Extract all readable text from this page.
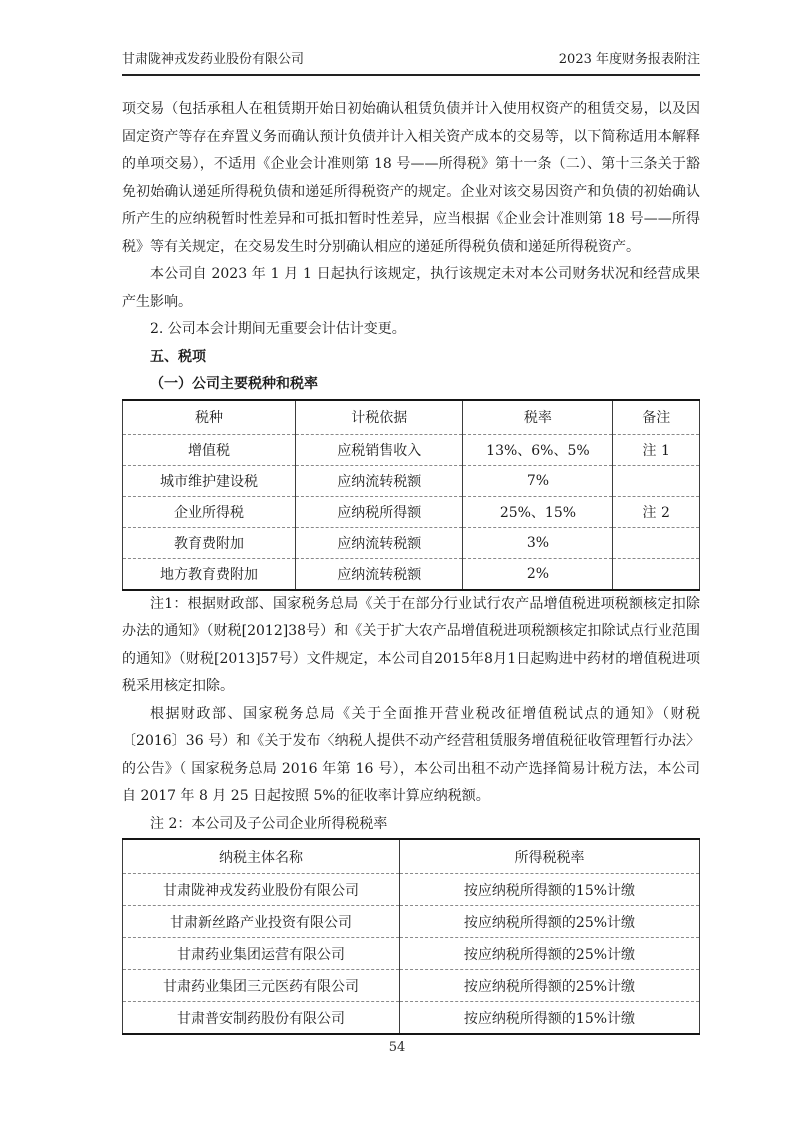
甘肃陇神戎发药业股份有限公司	2023 年度财务报表附注

项交易（包括承租人在租赁期开始日初始确认租赁负债并计入使用权资产的租赁交易，以及因固定资产等存在弃置义务而确认预计负债并计入相关资产成本的交易等，以下简称适用本解释的单项交易），不适用《企业会计准则第 18 号——所得税》第十一条（二）、第十三条关于豁免初始确认递延所得税负债和递延所得税资产的规定。企业对该交易因资产和负债的初始确认所产生的应纳税暂时性差异和可抵扣暂时性差异，应当根据《企业会计准则第 18 号——所得税》等有关规定，在交易发生时分别确认相应的递延所得税负债和递延所得税资产。

本公司自 2023 年 1 月 1 日起执行该规定，执行该规定未对本公司财务状况和经营成果产生影响。

2. 公司本会计期间无重要会计估计变更。

五、税项

（一）公司主要税种和税率

税种	计税依据	税率	备注
增值税	应税销售收入	13%、6%、5%	注 1
城市维护建设税	应纳流转税额	7%	
企业所得税	应纳税所得额	25%、15%	注 2
教育费附加	应纳流转税额	3%	
地方教育费附加	应纳流转税额	2%	

注1：根据财政部、国家税务总局《关于在部分行业试行农产品增值税进项税额核定扣除办法的通知》（财税[2012]38号）和《关于扩大农产品增值税进项税额核定扣除试点行业范围的通知》（财税[2013]57号）文件规定，本公司自2015年8月1日起购进中药材的增值税进项税采用核定扣除。

根据财政部、国家税务总局《关于全面推开营业税改征增值税试点的通知》（财税〔2016〕36 号）和《关于发布〈纳税人提供不动产经营租赁服务增值税征收管理暂行办法〉的公告》（ 国家税务总局 2016 年第 16 号），本公司出租不动产选择简易计税方法，本公司自 2017 年 8 月 25 日起按照 5%的征收率计算应纳税额。

注 2：本公司及子公司企业所得税税率

纳税主体名称	所得税税率
甘肃陇神戎发药业股份有限公司	按应纳税所得额的15%计缴
甘肃新丝路产业投资有限公司	按应纳税所得额的25%计缴
甘肃药业集团运营有限公司	按应纳税所得额的25%计缴
甘肃药业集团三元医药有限公司	按应纳税所得额的25%计缴
甘肃普安制药股份有限公司	按应纳税所得额的15%计缴
54
